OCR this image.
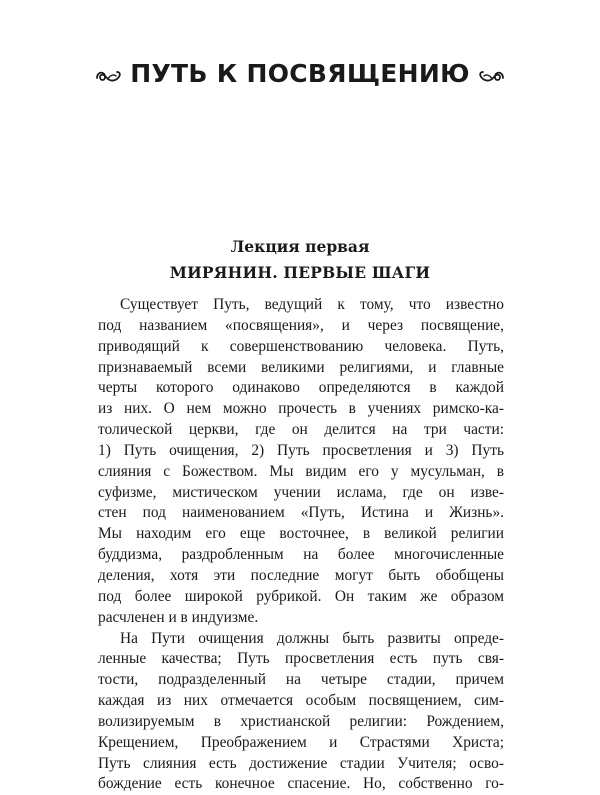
ПУТЬ К ПОСВЯЩЕНИЮ
Лекция первая
МИРЯНИН. ПЕРВЫЕ ШАГИ
Существует Путь, ведущий к тому, что известно
под названием «посвящения», и через посвящение,
приводящий к совершенствованию человека. Путь,
признаваемый всеми великими религиями, и главные
черты которого одинаково определяются в каждой
из них. О нем можно прочесть в учениях римско-ка-
толической церкви, где он делится на три части:
1) Путь очищения, 2) Путь просветления и 3) Путь
слияния с Божеством. Мы видим его у мусульман, в
суфизме, мистическом учении ислама, где он изве-
стен под наименованием «Путь, Истина и Жизнь».
Мы находим его еще восточнее, в великой религии
буддизма, раздробленным на более многочисленные
деления, хотя эти последние могут быть обобщены
под более широкой рубрикой. Он таким же образом
расчленен и в индуизме.
На Пути очищения должны быть развиты опреде-
ленные качества; Путь просветления есть путь свя-
тости, подразделенный на четыре стадии, причем
каждая из них отмечается особым посвящением, сим-
волизируемым в христианской религии: Рождением,
Крещением, Преображением и Страстями Христа;
Путь слияния есть достижение стадии Учителя; осво-
бождение есть конечное спасение. Но, собственно го-
